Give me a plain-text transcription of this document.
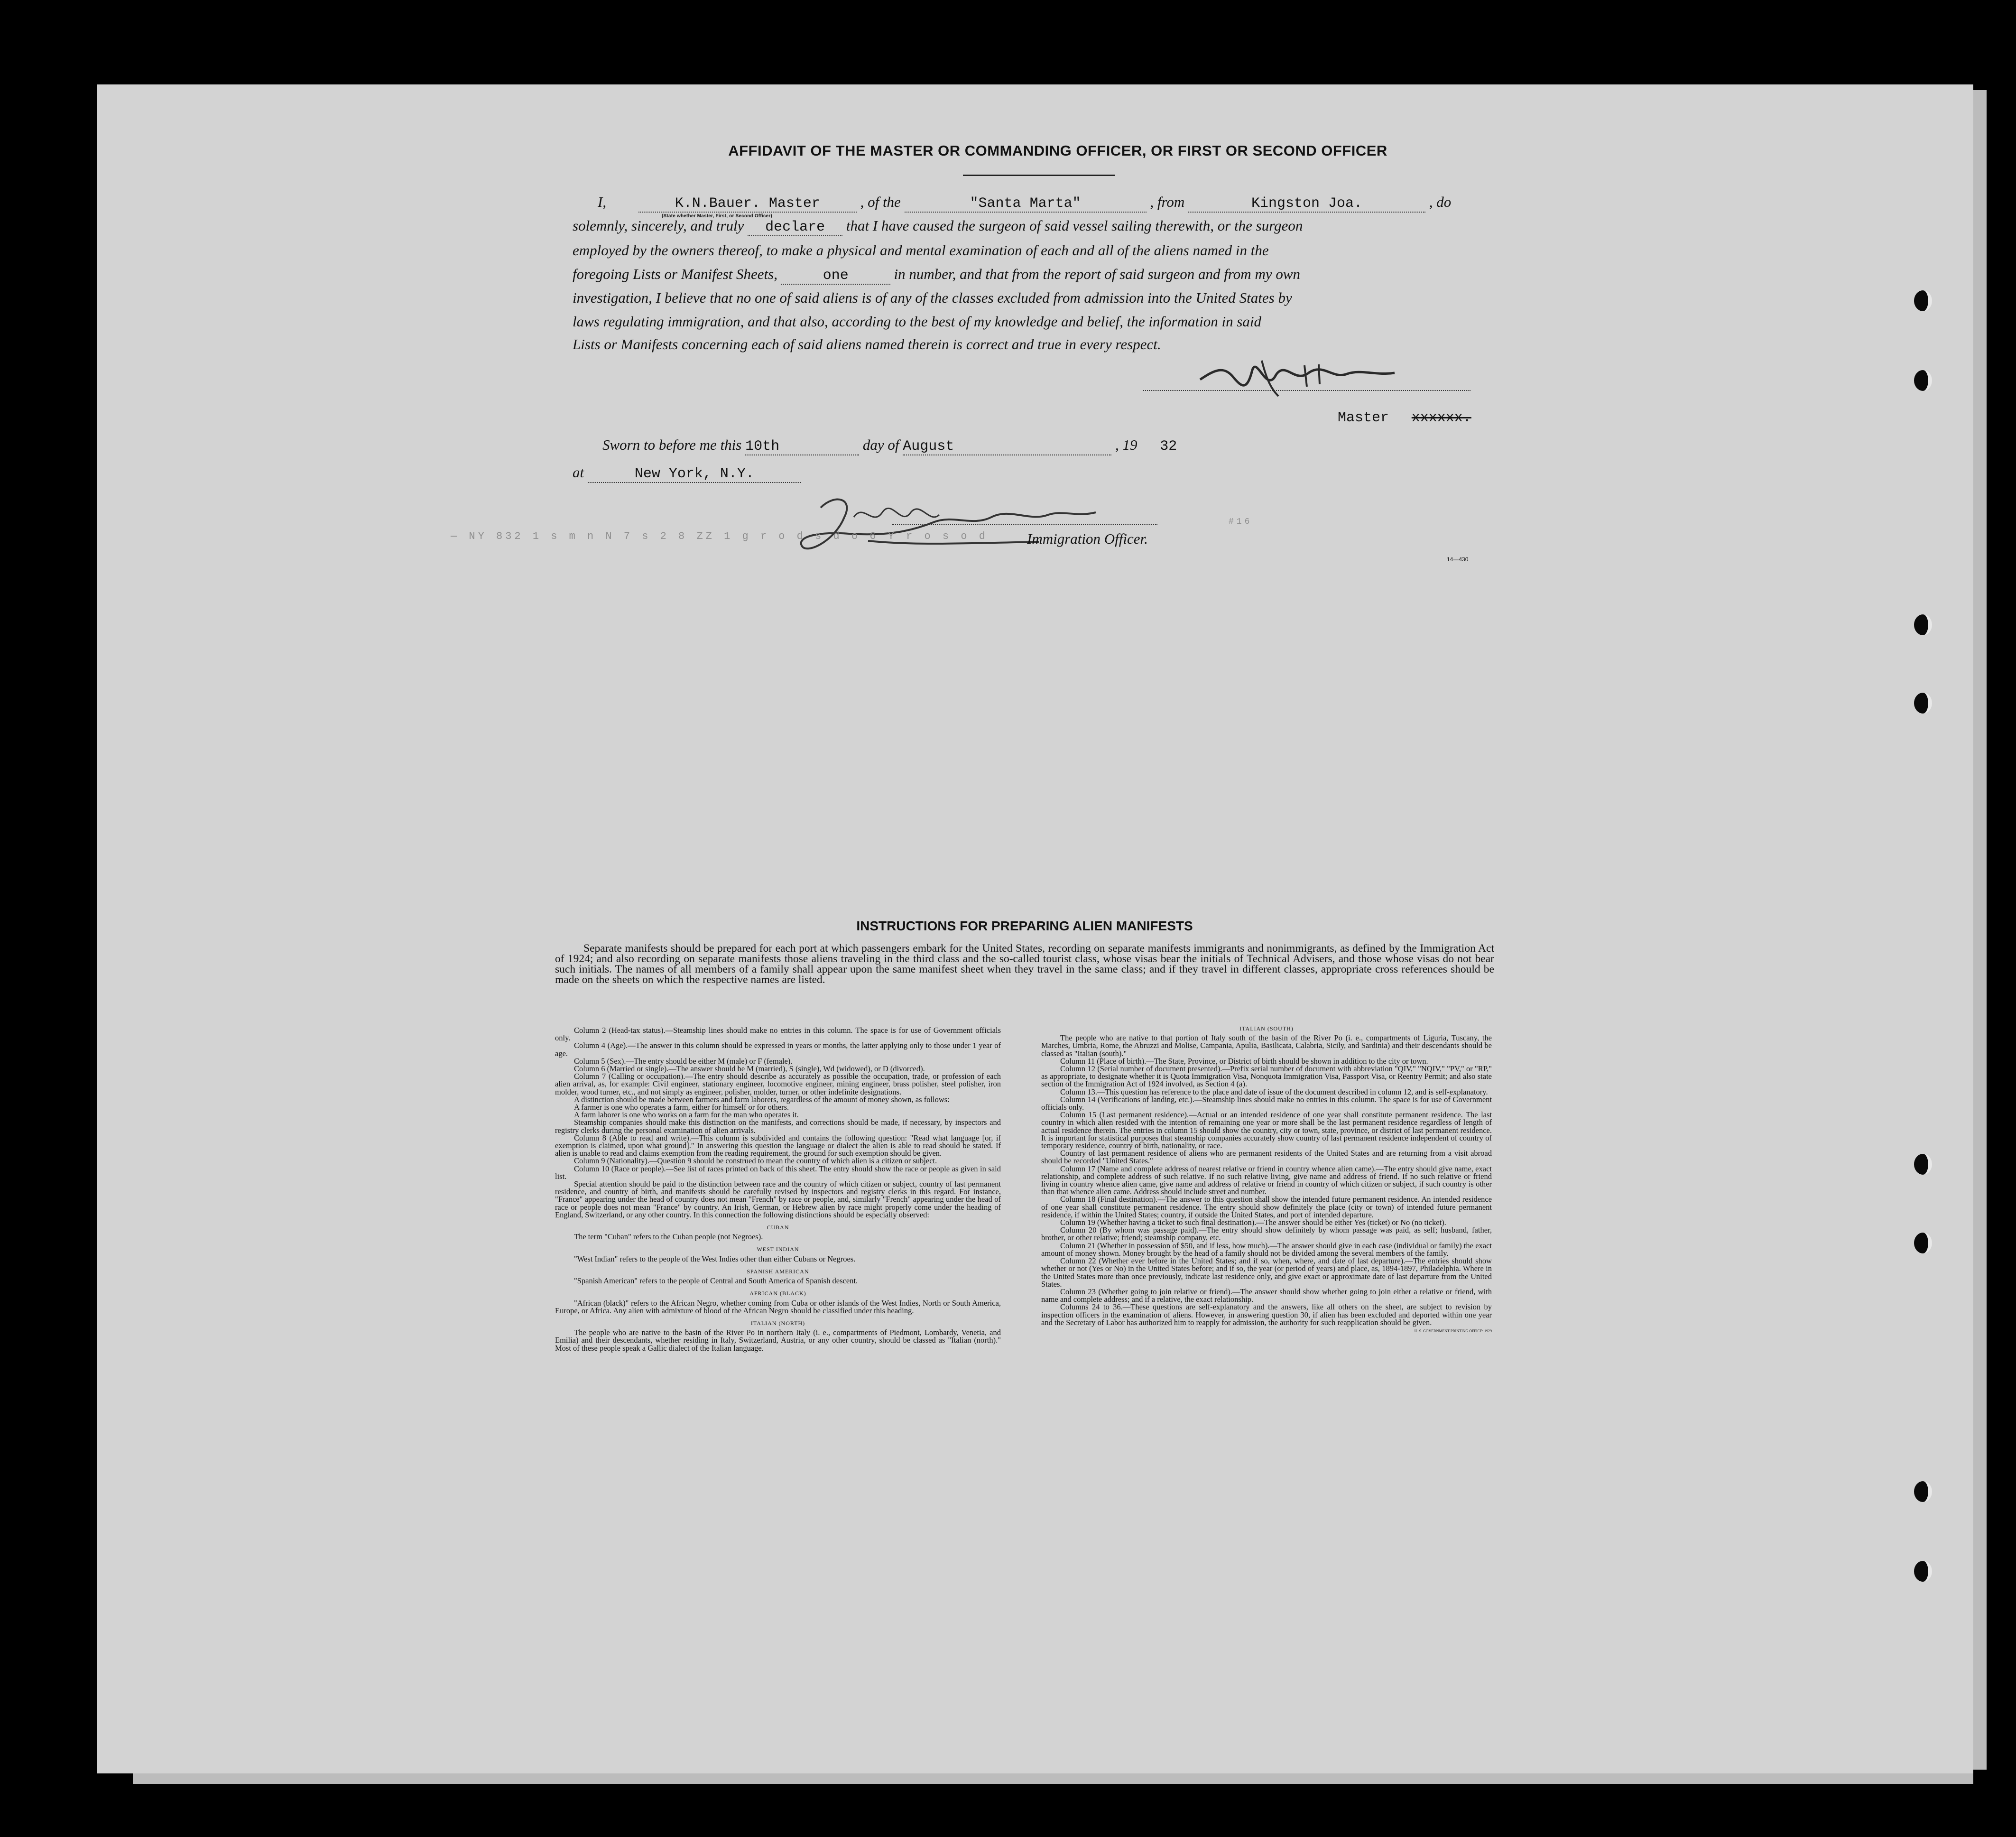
AFFIDAVIT OF THE MASTER OR COMMANDING OFFICER, OR FIRST OR SECOND OFFICER
I,	K.N.Bauer. Master	, of the	"Santa Marta"	, from	Kingston Joa.	, do
(State whether Master, First, or Second Officer)
solemnly, sincerely, and truly declare that I have caused the surgeon of said vessel sailing therewith, or the surgeon
employed by the owners thereof, to make a physical and mental examination of each and all of the aliens named in the
foregoing Lists or Manifest Sheets,	one	in number, and that from the report of said surgeon and from my own
investigation, I believe that no one of said aliens is of any of the classes excluded from admission into the United States by
laws regulating immigration, and that also, according to the best of my knowledge and belief, the information in said
Lists or Manifests concerning each of said aliens named therein is correct and true in every respect.
Master xxxxxx.
Sworn to before me this 10th	day of August	, 19 32
at	New York, N.Y.
Immigration Officer.
14—430
— NY 832 1 s m n N 7 s 2 8 ZZ 1 g r o d s d o 6 Y r o s o d
#16
INSTRUCTIONS FOR PREPARING ALIEN MANIFESTS
Separate manifests should be prepared for each port at which passengers embark for the United States, recording on separate manifests immigrants and nonimmigrants, as defined by the Immigration Act of 1924; and also recording on separate manifests those aliens traveling in the third class and the so-called tourist class, whose visas bear the initials of Technical Advisers, and those whose visas do not bear such initials. The names of all members of a family shall appear upon the same manifest sheet when they travel in the same class; and if they travel in different classes, appropriate cross references should be made on the sheets on which the respective names are listed.

Column 2 (Head-tax status).—Steamship lines should make no entries in this column. The space is for use of Government officials only.

Column 4 (Age).—The answer in this column should be expressed in years or months, the latter applying only to those under 1 year of age.

Column 5 (Sex).—The entry should be either M (male) or F (female).

Column 6 (Married or single).—The answer should be M (married), S (single), Wd (widowed), or D (divorced).

Column 7 (Calling or occupation).—The entry should describe as accurately as possible the occupation, trade, or profession of each alien arrival, as, for example: Civil engineer, stationary engineer, locomotive engineer, mining engineer, brass polisher, steel polisher, iron molder, wood turner, etc., and not simply as engineer, polisher, molder, turner, or other indefinite designations.

A distinction should be made between farmers and farm laborers, regardless of the amount of money shown, as follows:

A farmer is one who operates a farm, either for himself or for others.

A farm laborer is one who works on a farm for the man who operates it.

Steamship companies should make this distinction on the manifests, and corrections should be made, if necessary, by inspectors and registry clerks during the personal examination of alien arrivals.

Column 8 (Able to read and write).—This column is subdivided and contains the following question: "Read what language [or, if exemption is claimed, upon what ground]." In answering this question the language or dialect the alien is able to read should be stated. If alien is unable to read and claims exemption from the reading requirement, the ground for such exemption should be given.

Column 9 (Nationality).—Question 9 should be construed to mean the country of which alien is a citizen or subject.

Column 10 (Race or people).—See list of races printed on back of this sheet. The entry should show the race or people as given in said list.

Special attention should be paid to the distinction between race and the country of which citizen or subject, country of last permanent residence, and country of birth, and manifests should be carefully revised by inspectors and registry clerks in this regard. For instance, "France" appearing under the head of country does not mean "French" by race or people, and, similarly "French" appearing under the head of race or people does not mean "France" by country. An Irish, German, or Hebrew alien by race might properly come under the heading of England, Switzerland, or any other country. In this connection the following distinctions should be especially observed:

CUBAN

The term "Cuban" refers to the Cuban people (not Negroes).

WEST INDIAN

"West Indian" refers to the people of the West Indies other than either Cubans or Negroes.

SPANISH AMERICAN

"Spanish American" refers to the people of Central and South America of Spanish descent.

AFRICAN (BLACK)

"African (black)" refers to the African Negro, whether coming from Cuba or other islands of the West Indies, North or South America, Europe, or Africa. Any alien with admixture of blood of the African Negro should be classified under this heading.

ITALIAN (NORTH)

The people who are native to the basin of the River Po in northern Italy (i. e., compartments of Piedmont, Lombardy, Venetia, and Emilia) and their descendants, whether residing in Italy, Switzerland, Austria, or any other country, should be classed as "Italian (north)." Most of these people speak a Gallic dialect of the Italian language.

ITALIAN (SOUTH)

The people who are native to that portion of Italy south of the basin of the River Po (i. e., compartments of Liguria, Tuscany, the Marches, Umbria, Rome, the Abruzzi and Molise, Campania, Apulia, Basilicata, Calabria, Sicily, and Sardinia) and their descendants should be classed as "Italian (south)."

Column 11 (Place of birth).—The State, Province, or District of birth should be shown in addition to the city or town.

Column 12 (Serial number of document presented).—Prefix serial number of document with abbreviation "QIV," "NQIV," "PV," or "RP," as appropriate, to designate whether it is Quota Immigration Visa, Nonquota Immigration Visa, Passport Visa, or Reentry Permit; and also state section of the Immigration Act of 1924 involved, as Section 4 (a).

Column 13.—This question has reference to the place and date of issue of the document described in column 12, and is self-explanatory.

Column 14 (Verifications of landing, etc.).—Steamship lines should make no entries in this column. The space is for use of Government officials only.

Column 15 (Last permanent residence).—Actual or an intended residence of one year shall constitute permanent residence. The last country in which alien resided with the intention of remaining one year or more shall be the last permanent residence regardless of length of actual residence therein. The entries in column 15 should show the country, city or town, state, province, or district of last permanent residence. It is important for statistical purposes that steamship companies accurately show country of last permanent residence independent of country of temporary residence, country of birth, nationality, or race.

Country of last permanent residence of aliens who are permanent residents of the United States and are returning from a visit abroad should be recorded "United States."

Column 17 (Name and complete address of nearest relative or friend in country whence alien came).—The entry should give name, exact relationship, and complete address of such relative. If no such relative living, give name and address of friend. If no such relative or friend living in country whence alien came, give name and address of relative or friend in country of which citizen or subject, if such country is other than that whence alien came. Address should include street and number.

Column 18 (Final destination).—The answer to this question shall show the intended future permanent residence. An intended residence of one year shall constitute permanent residence. The entry should show definitely the place (city or town) of intended future permanent residence, if within the United States; country, if outside the United States, and port of intended departure.

Column 19 (Whether having a ticket to such final destination).—The answer should be either Yes (ticket) or No (no ticket).

Column 20 (By whom was passage paid).—The entry should show definitely by whom passage was paid, as self; husband, father, brother, or other relative; friend; steamship company, etc.

Column 21 (Whether in possession of $50, and if less, how much).—The answer should give in each case (individual or family) the exact amount of money shown. Money brought by the head of a family should not be divided among the several members of the family.

Column 22 (Whether ever before in the United States; and if so, when, where, and date of last departure).—The entries should show whether or not (Yes or No) in the United States before; and if so, the year (or period of years) and place, as, 1894-1897, Philadelphia. Where in the United States more than once previously, indicate last residence only, and give exact or approximate date of last departure from the United States.

Column 23 (Whether going to join relative or friend).—The answer should show whether going to join either a relative or friend, with name and complete address; and if a relative, the exact relationship.

Columns 24 to 36.—These questions are self-explanatory and the answers, like all others on the sheet, are subject to revision by inspection officers in the examination of aliens. However, in answering question 30, if alien has been excluded and deported within one year and the Secretary of Labor has authorized him to reapply for admission, the authority for such reapplication should be given.

U. S. GOVERNMENT PRINTING OFFICE: 1929
